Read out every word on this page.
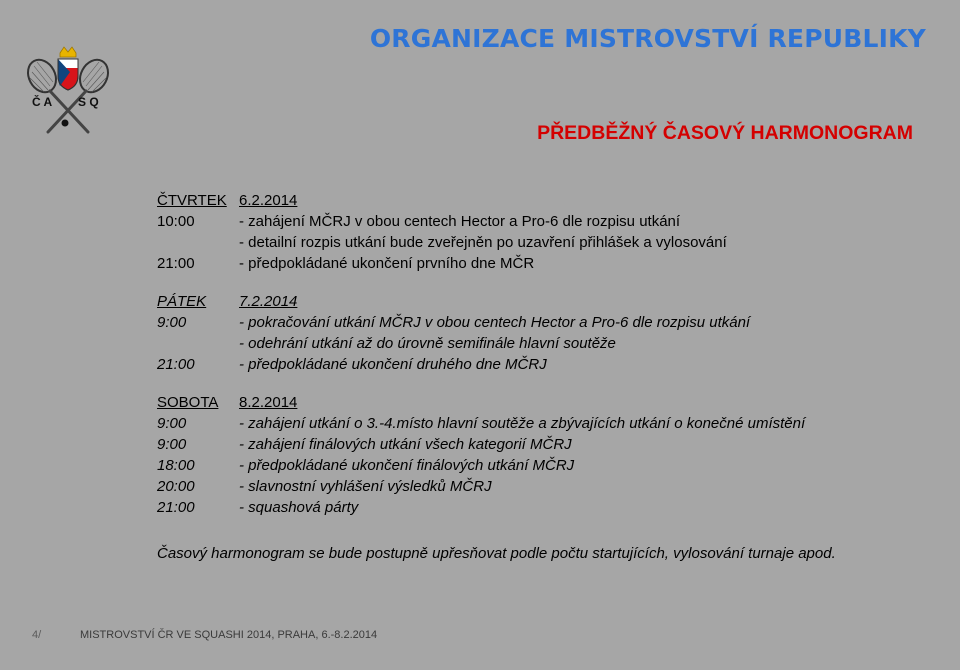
Č A S Q
ORGANIZACE MISTROVSTVÍ REPUBLIKY
PŘEDBĚŽNÝ ČASOVÝ HARMONOGRAM
ČTVRTEK 6.2.2014
10:00	- zahájení MČRJ v obou centech Hector a Pro-6 dle rozpisu utkání
- detailní rozpis utkání bude zveřejněn po uzavření přihlášek a vylosování
21:00	- předpokládané ukončení prvního dne MČR
PÁTEK	7.2.2014
9:00	- pokračování utkání MČRJ v obou centech Hector a Pro-6 dle rozpisu utkání
- odehrání utkání až do úrovně semifinále hlavní soutěže
21:00	- předpokládané ukončení druhého dne MČRJ
SOBOTA	8.2.2014
9:00	- zahájení utkání o 3.-4.místo hlavní soutěže a zbývajících utkání o konečné umístění
9:00	- zahájení finálových utkání všech kategorií MČRJ
18:00	- předpokládané ukončení finálových utkání MČRJ
20:00	- slavnostní vyhlášení výsledků MČRJ
21:00	- squashová párty
Časový harmonogram se bude postupně upřesňovat podle počtu startujících, vylosování turnaje apod.
4/	MISTROVSTVÍ ČR VE SQUASHI 2014, PRAHA, 6.-8.2.2014
